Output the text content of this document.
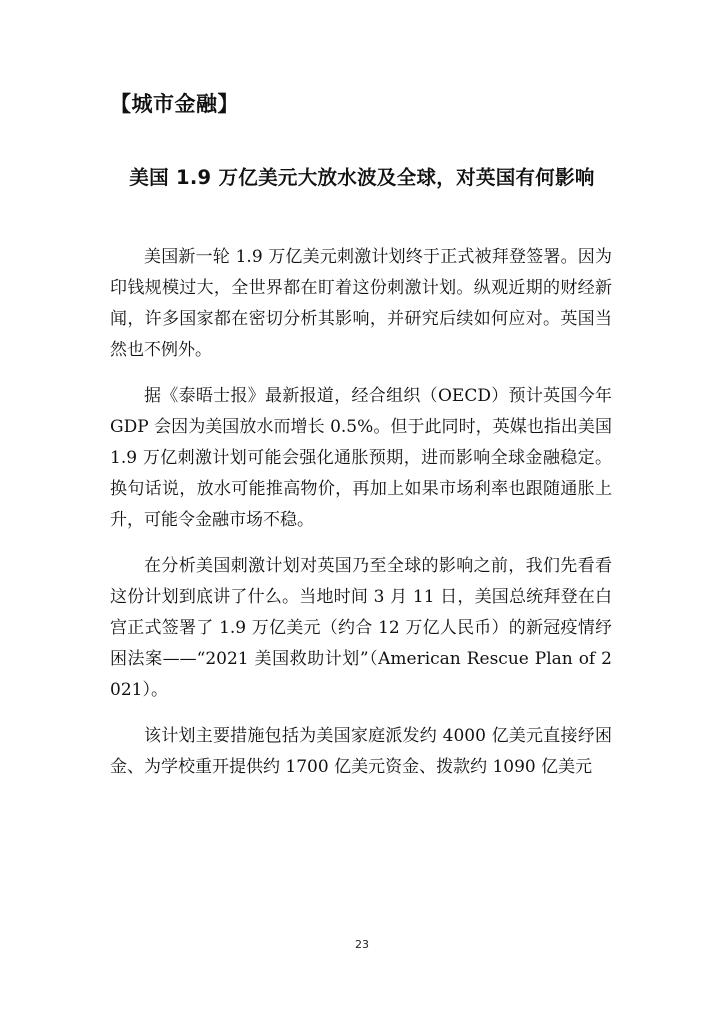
【城市金融】
美国 1.9 万亿美元大放水波及全球，对英国有何影响

美国新一轮 1.9 万亿美元刺激计划终于正式被拜登签署。因为印钱规模过大，全世界都在盯着这份刺激计划。纵观近期的财经新闻，许多国家都在密切分析其影响，并研究后续如何应对。英国当然也不例外。

据《泰晤士报》最新报道，经合组织（OECD）预计英国今年 GDP 会因为美国放水而增长 0.5%。但于此同时，英媒也指出美国 1.9 万亿刺激计划可能会强化通胀预期，进而影响全球金融稳定。换句话说，放水可能推高物价，再加上如果市场利率也跟随通胀上升，可能令金融市场不稳。

在分析美国刺激计划对英国乃至全球的影响之前，我们先看看这份计划到底讲了什么。当地时间 3 月 11 日，美国总统拜登在白宫正式签署了 1.9 万亿美元（约合 12 万亿人民币）的新冠疫情纾困法案——“2021 美国救助计划”（American Rescue Plan of 2021）。

该计划主要措施包括为美国家庭派发约 4000 亿美元直接纾困金、为学校重开提供约 1700 亿美元资金、拨款约 1090 亿美元

23
